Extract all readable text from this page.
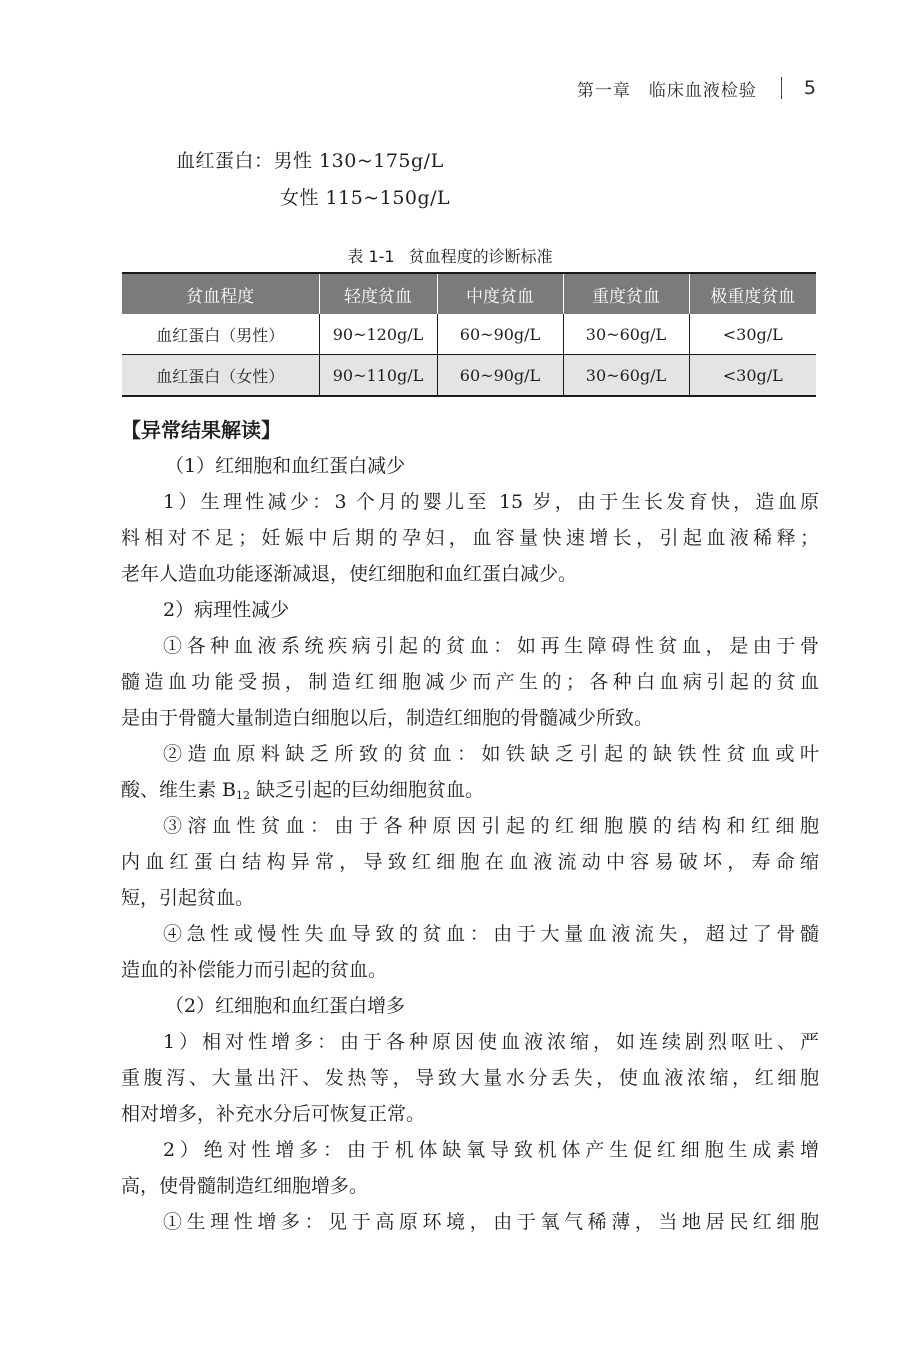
第一章　临床血液检验 5
血红蛋白：男性 130~175g/L
女性 115~150g/L
表 1-1 贫血程度的诊断标准
贫血程度	轻度贫血	中度贫血	重度贫血	极重度贫血
血红蛋白（男性）	90~120g/L	60~90g/L	30~60g/L	<30g/L
血红蛋白（女性）	90~110g/L	60~90g/L	30~60g/L	<30g/L
【异常结果解读】

（1）红细胞和血红蛋白减少

1）生理性减少：3 个月的婴儿至 15 岁，由于生长发育快，造血原

料相对不足；妊娠中后期的孕妇，血容量快速增长，引起血液稀释；

老年人造血功能逐渐减退，使红细胞和血红蛋白减少。

2）病理性减少

①各种血液系统疾病引起的贫血：如再生障碍性贫血，是由于骨

髓造血功能受损，制造红细胞减少而产生的；各种白血病引起的贫血

是由于骨髓大量制造白细胞以后，制造红细胞的骨髓减少所致。

②造血原料缺乏所致的贫血：如铁缺乏引起的缺铁性贫血或叶

酸、维生素 $B_{12}$ 缺乏引起的巨幼细胞贫血。

③溶血性贫血：由于各种原因引起的红细胞膜的结构和红细胞

内血红蛋白结构异常，导致红细胞在血液流动中容易破坏，寿命缩

短，引起贫血。

④急性或慢性失血导致的贫血：由于大量血液流失，超过了骨髓

造血的补偿能力而引起的贫血。

（2）红细胞和血红蛋白增多

1）相对性增多：由于各种原因使血液浓缩，如连续剧烈呕吐、严

重腹泻、大量出汗、发热等，导致大量水分丢失，使血液浓缩，红细胞

相对增多，补充水分后可恢复正常。

2）绝对性增多：由于机体缺氧导致机体产生促红细胞生成素增

高，使骨髓制造红细胞增多。

①生理性增多：见于高原环境，由于氧气稀薄，当地居民红细胞
